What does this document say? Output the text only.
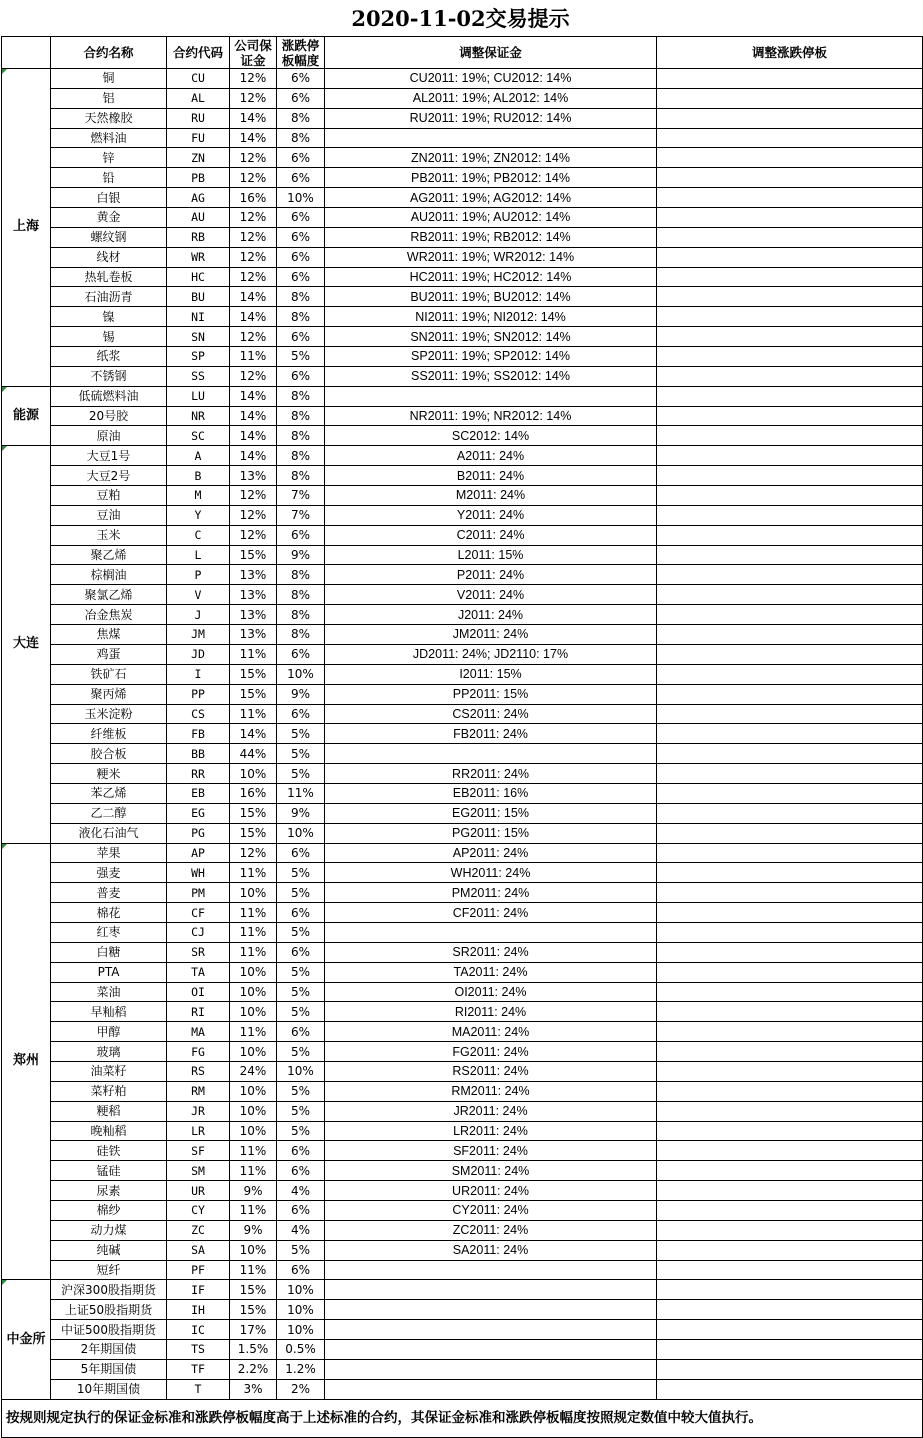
2020-11-02交易提示
	合约名称	合约代码	公司保证金	涨跌停板幅度	调整保证金	调整涨跌停板
上海	铜	CU	12%	6%	CU2011: 19%; CU2012: 14%	
	铝	AL	12%	6%	AL2011: 19%; AL2012: 14%	
	天然橡胶	RU	14%	8%	RU2011: 19%; RU2012: 14%	
	燃料油	FU	14%	8%		
	锌	ZN	12%	6%	ZN2011: 19%; ZN2012: 14%	
	铅	PB	12%	6%	PB2011: 19%; PB2012: 14%	
	白银	AG	16%	10%	AG2011: 19%; AG2012: 14%	
	黄金	AU	12%	6%	AU2011: 19%; AU2012: 14%	
	螺纹钢	RB	12%	6%	RB2011: 19%; RB2012: 14%	
	线材	WR	12%	6%	WR2011: 19%; WR2012: 14%	
	热轧卷板	HC	12%	6%	HC2011: 19%; HC2012: 14%	
	石油沥青	BU	14%	8%	BU2011: 19%; BU2012: 14%	
	镍	NI	14%	8%	NI2011: 19%; NI2012: 14%	
	锡	SN	12%	6%	SN2011: 19%; SN2012: 14%	
	纸浆	SP	11%	5%	SP2011: 19%; SP2012: 14%	
	不锈钢	SS	12%	6%	SS2011: 19%; SS2012: 14%	
能源	低硫燃料油	LU	14%	8%		
	20号胶	NR	14%	8%	NR2011: 19%; NR2012: 14%	
	原油	SC	14%	8%	SC2012: 14%	
大连	大豆1号	A	14%	8%	A2011: 24%	
	大豆2号	B	13%	8%	B2011: 24%	
	豆粕	M	12%	7%	M2011: 24%	
	豆油	Y	12%	7%	Y2011: 24%	
	玉米	C	12%	6%	C2011: 24%	
	聚乙烯	L	15%	9%	L2011: 15%	
	棕榈油	P	13%	8%	P2011: 24%	
	聚氯乙烯	V	13%	8%	V2011: 24%	
	冶金焦炭	J	13%	8%	J2011: 24%	
	焦煤	JM	13%	8%	JM2011: 24%	
	鸡蛋	JD	11%	6%	JD2011: 24%; JD2110: 17%	
	铁矿石	I	15%	10%	I2011: 15%	
	聚丙烯	PP	15%	9%	PP2011: 15%	
	玉米淀粉	CS	11%	6%	CS2011: 24%	
	纤维板	FB	14%	5%	FB2011: 24%	
	胶合板	BB	44%	5%		
	粳米	RR	10%	5%	RR2011: 24%	
	苯乙烯	EB	16%	11%	EB2011: 16%	
	乙二醇	EG	15%	9%	EG2011: 15%	
	液化石油气	PG	15%	10%	PG2011: 15%	
郑州	苹果	AP	12%	6%	AP2011: 24%	
	强麦	WH	11%	5%	WH2011: 24%	
	普麦	PM	10%	5%	PM2011: 24%	
	棉花	CF	11%	6%	CF2011: 24%	
	红枣	CJ	11%	5%		
	白糖	SR	11%	6%	SR2011: 24%	
	PTA	TA	10%	5%	TA2011: 24%	
	菜油	OI	10%	5%	OI2011: 24%	
	早籼稻	RI	10%	5%	RI2011: 24%	
	甲醇	MA	11%	6%	MA2011: 24%	
	玻璃	FG	10%	5%	FG2011: 24%	
	油菜籽	RS	24%	10%	RS2011: 24%	
	菜籽粕	RM	10%	5%	RM2011: 24%	
	粳稻	JR	10%	5%	JR2011: 24%	
	晚籼稻	LR	10%	5%	LR2011: 24%	
	硅铁	SF	11%	6%	SF2011: 24%	
	锰硅	SM	11%	6%	SM2011: 24%	
	尿素	UR	9%	4%	UR2011: 24%	
	棉纱	CY	11%	6%	CY2011: 24%	
	动力煤	ZC	9%	4%	ZC2011: 24%	
	纯碱	SA	10%	5%	SA2011: 24%	
	短纤	PF	11%	6%		
中金所	沪深300股指期货	IF	15%	10%		
	上证50股指期货	IH	15%	10%		
	中证500股指期货	IC	17%	10%		
	2年期国债	TS	1.5%	0.5%		
	5年期国债	TF	2.2%	1.2%		
	10年期国债	T	3%	2%		
按规则规定执行的保证金标准和涨跌停板幅度高于上述标准的合约，其保证金标准和涨跌停板幅度按照规定数值中较大值执行。						
